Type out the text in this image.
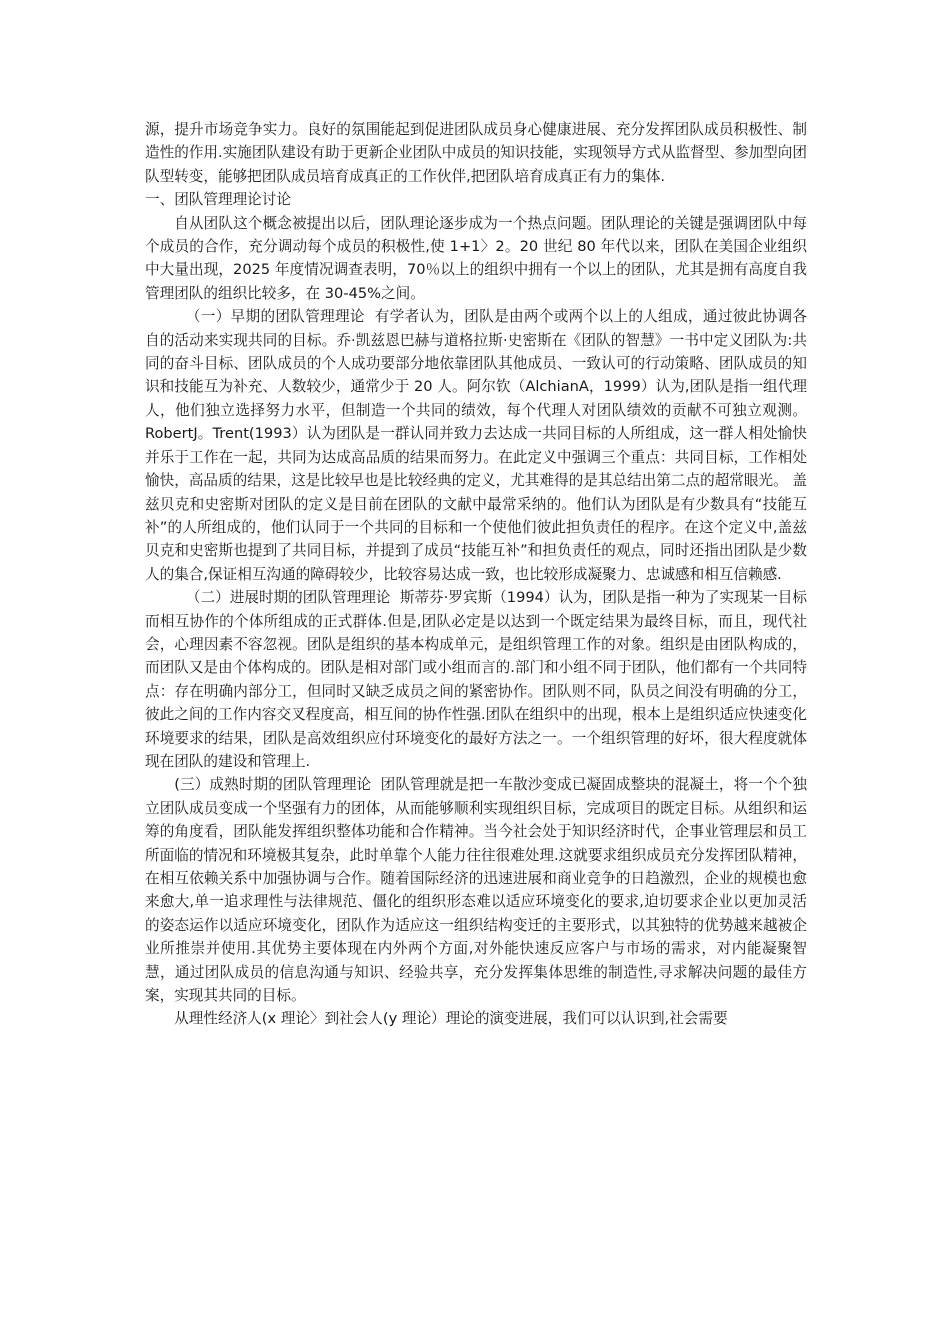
源，提升市场竞争实力。良好的氛围能起到促进团队成员身心健康进展、充分发挥团队成员积极性、制造性的作用.实施团队建设有助于更新企业团队中成员的知识技能，实现领导方式从监督型、参加型向团队型转变，能够把团队成员培育成真正的工作伙伴,把团队培育成真正有力的集体.

一、团队管理理论讨论

自从团队这个概念被提出以后，团队理论逐步成为一个热点问题。团队理论的关键是强调团队中每个成员的合作，充分调动每个成员的积极性,使 1+1〉2。20 世纪 80 年代以来，团队在美国企业组织中大量出现，2025 年度情况调查表明，70％以上的组织中拥有一个以上的团队，尤其是拥有高度自我管理团队的组织比较多，在 30-45%之间。

（一）早期的团队管理理论 有学者认为，团队是由两个或两个以上的人组成，通过彼此协调各自的活动来实现共同的目标。乔·凯兹恩巴赫与道格拉斯·史密斯在《团队的智慧》一书中定义团队为:共同的奋斗目标、团队成员的个人成功要部分地依靠团队其他成员、一致认可的行动策略、团队成员的知识和技能互为补充、人数较少，通常少于 20 人。阿尔钦（AlchianA，1999）认为,团队是指一组代理人，他们独立选择努力水平，但制造一个共同的绩效，每个代理人对团队绩效的贡献不可独立观测。RobertJ。Trent(1993）认为团队是一群认同并致力去达成一共同目标的人所组成，这一群人相处愉快并乐于工作在一起，共同为达成高品质的结果而努力。在此定义中强调三个重点：共同目标，工作相处愉快，高品质的结果，这是比较早也是比较经典的定义，尤其难得的是其总结出第二点的超常眼光。 盖兹贝克和史密斯对团队的定义是目前在团队的文献中最常采纳的。他们认为团队是有少数具有“技能互补”的人所组成的，他们认同于一个共同的目标和一个使他们彼此担负责任的程序。在这个定义中,盖兹贝克和史密斯也提到了共同目标，并提到了成员“技能互补”和担负责任的观点，同时还指出团队是少数人的集合,保证相互沟通的障碍较少，比较容易达成一致，也比较形成凝聚力、忠诚感和相互信赖感.

（二）进展时期的团队管理理论 斯蒂芬·罗宾斯（1994）认为，团队是指一种为了实现某一目标而相互协作的个体所组成的正式群体.但是,团队必定是以达到一个既定结果为最终目标，而且，现代社会，心理因素不容忽视。团队是组织的基本构成单元，是组织管理工作的对象。组织是由团队构成的，而团队又是由个体构成的。团队是相对部门或小组而言的.部门和小组不同于团队，他们都有一个共同特点：存在明确内部分工，但同时又缺乏成员之间的紧密协作。团队则不同，队员之间没有明确的分工，彼此之间的工作内容交叉程度高，相互间的协作性强.团队在组织中的出现，根本上是组织适应快速变化环境要求的结果，团队是高效组织应付环境变化的最好方法之一。一个组织管理的好坏，很大程度就体现在团队的建设和管理上.

(三）成熟时期的团队管理理论 团队管理就是把一车散沙变成已凝固成整块的混凝土，将一个个独立团队成员变成一个坚强有力的团体，从而能够顺利实现组织目标，完成项目的既定目标。从组织和运筹的角度看，团队能发挥组织整体功能和合作精神。当今社会处于知识经济时代，企事业管理层和员工所面临的情况和环境极其复杂，此时单靠个人能力往往很难处理.这就要求组织成员充分发挥团队精神，在相互依赖关系中加强协调与合作。随着国际经济的迅速进展和商业竞争的日趋激烈，企业的规模也愈来愈大,单一追求理性与法律规范、僵化的组织形态难以适应环境变化的要求,迫切要求企业以更加灵活的姿态运作以适应环境变化，团队作为适应这一组织结构变迁的主要形式，以其独特的优势越来越被企业所推崇并使用.其优势主要体现在内外两个方面,对外能快速反应客户与市场的需求，对内能凝聚智慧，通过团队成员的信息沟通与知识、经验共享，充分发挥集体思维的制造性,寻求解决问题的最佳方案，实现其共同的目标。

从理性经济人(x 理论〉到社会人(y 理论）理论的演变进展，我们可以认识到,社会需要
